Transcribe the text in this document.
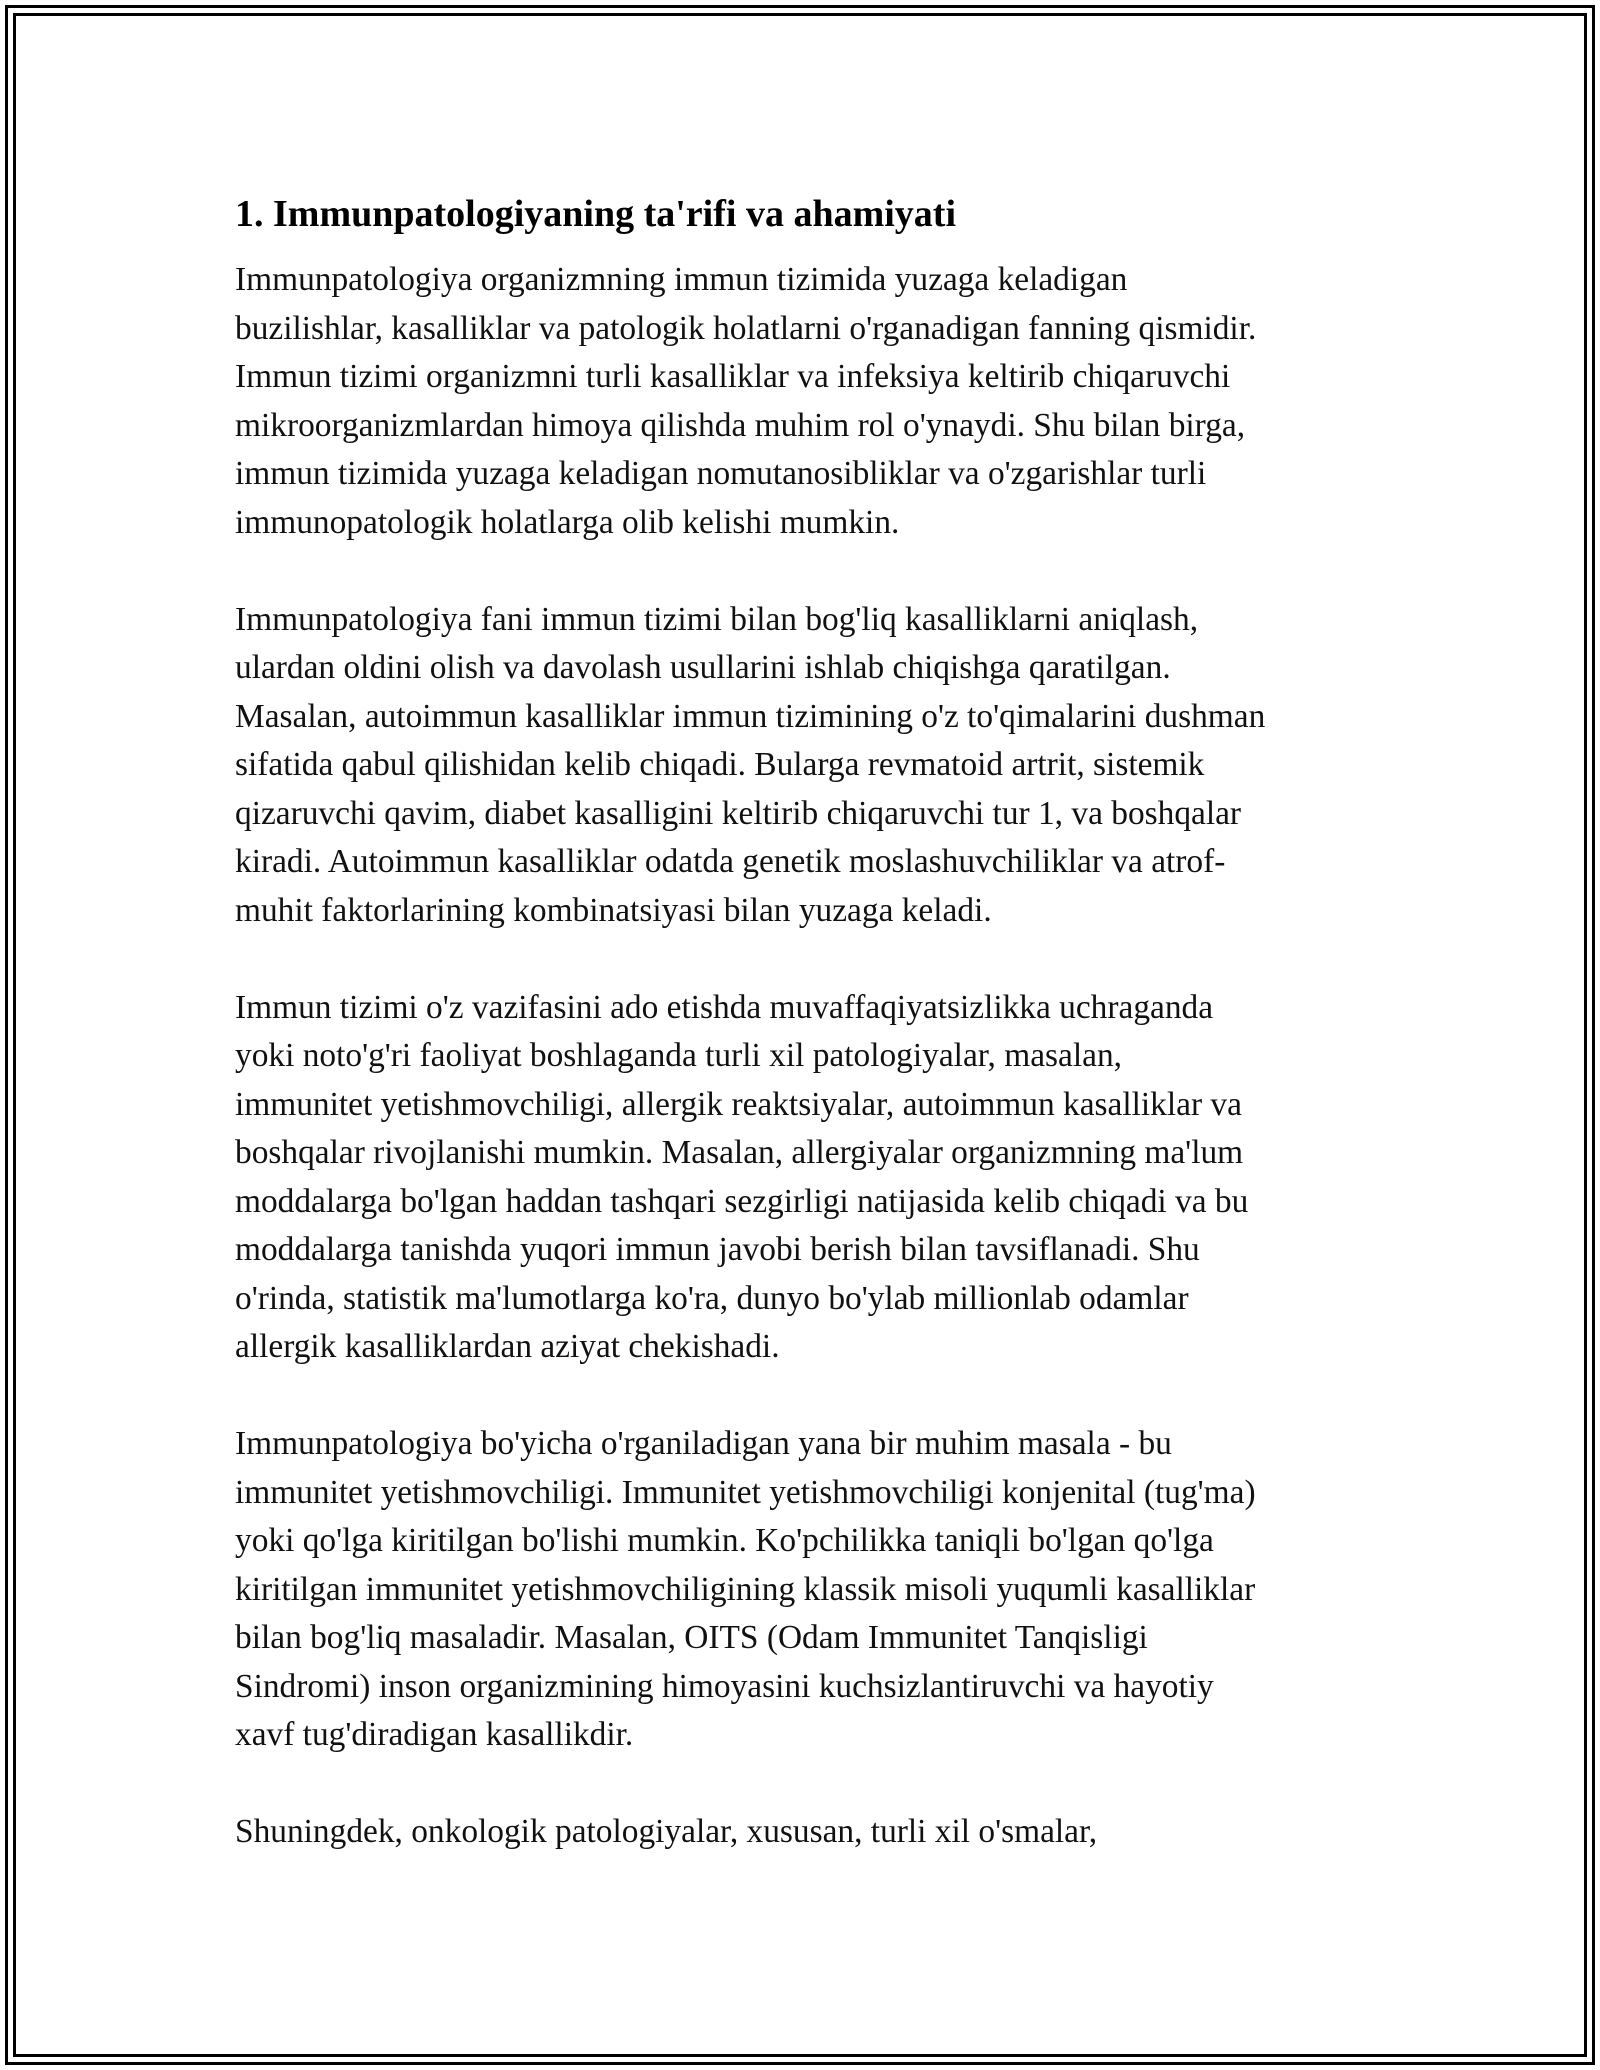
1. Immunpatologiyaning ta'rifi va ahamiyati
Immunpatologiya organizmning immun tizimida yuzaga keladigan
buzilishlar, kasalliklar va patologik holatlarni o'rganadigan fanning qismidir.
Immun tizimi organizmni turli kasalliklar va infeksiya keltirib chiqaruvchi
mikroorganizmlardan himoya qilishda muhim rol o'ynaydi. Shu bilan birga,
immun tizimida yuzaga keladigan nomutanosibliklar va o'zgarishlar turli
immunopatologik holatlarga olib kelishi mumkin.
Immunpatologiya fani immun tizimi bilan bog'liq kasalliklarni aniqlash,
ulardan oldini olish va davolash usullarini ishlab chiqishga qaratilgan.
Masalan, autoimmun kasalliklar immun tizimining o'z to'qimalarini dushman
sifatida qabul qilishidan kelib chiqadi. Bularga revmatoid artrit, sistemik
qizaruvchi qavim, diabet kasalligini keltirib chiqaruvchi tur 1, va boshqalar
kiradi. Autoimmun kasalliklar odatda genetik moslashuvchiliklar va atrof-
muhit faktorlarining kombinatsiyasi bilan yuzaga keladi.
Immun tizimi o'z vazifasini ado etishda muvaffaqiyatsizlikka uchraganda
yoki noto'g'ri faoliyat boshlaganda turli xil patologiyalar, masalan,
immunitet yetishmovchiligi, allergik reaktsiyalar, autoimmun kasalliklar va
boshqalar rivojlanishi mumkin. Masalan, allergiyalar organizmning ma'lum
moddalarga bo'lgan haddan tashqari sezgirligi natijasida kelib chiqadi va bu
moddalarga tanishda yuqori immun javobi berish bilan tavsiflanadi. Shu
o'rinda, statistik ma'lumotlarga ko'ra, dunyo bo'ylab millionlab odamlar
allergik kasalliklardan aziyat chekishadi.
Immunpatologiya bo'yicha o'rganiladigan yana bir muhim masala - bu
immunitet yetishmovchiligi. Immunitet yetishmovchiligi konjenital (tug'ma)
yoki qo'lga kiritilgan bo'lishi mumkin. Ko'pchilikka taniqli bo'lgan qo'lga
kiritilgan immunitet yetishmovchiligining klassik misoli yuqumli kasalliklar
bilan bog'liq masaladir. Masalan, OITS (Odam Immunitet Tanqisligi
Sindromi) inson organizmining himoyasini kuchsizlantiruvchi va hayotiy
xavf tug'diradigan kasallikdir.
Shuningdek, onkologik patologiyalar, xususan, turli xil o'smalar,
